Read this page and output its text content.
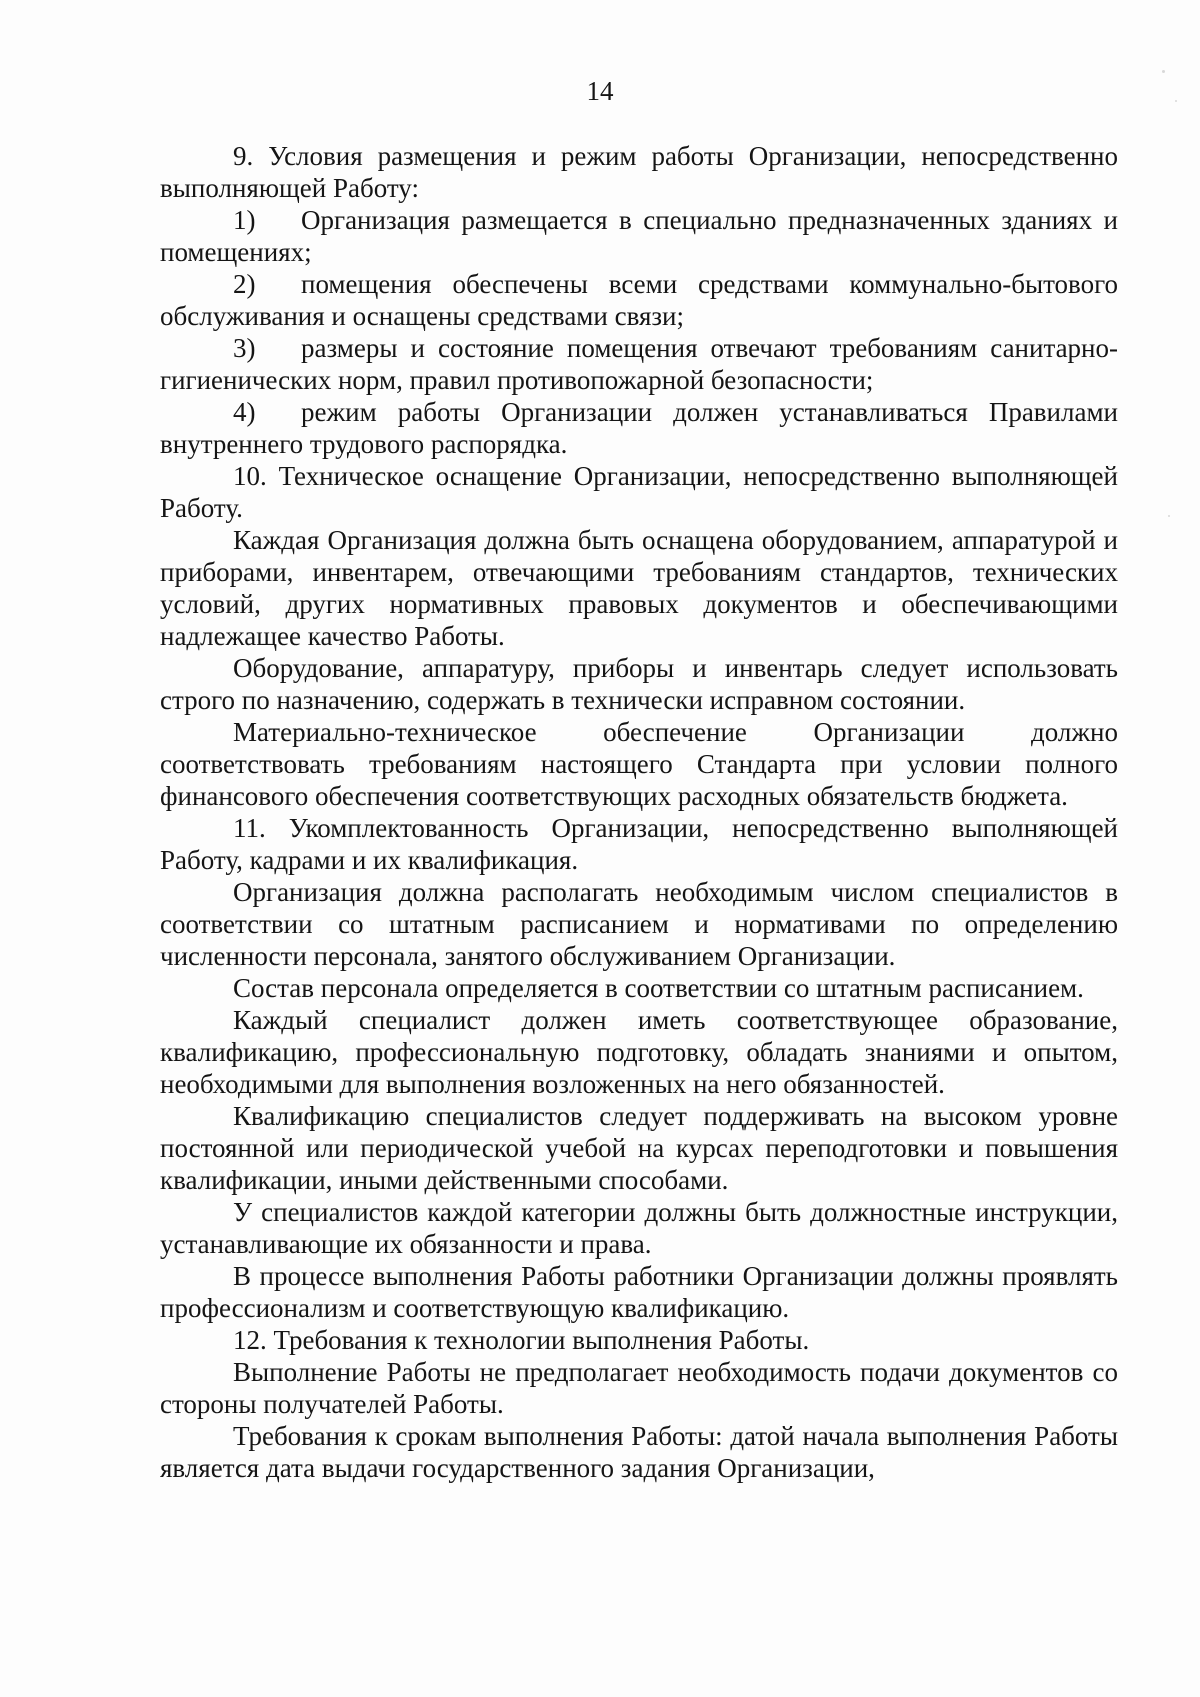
14

9. Условия размещения и режим работы Организации, непосредственно выполняющей Работу:

1) Организация размещается в специально предназначенных зданиях и помещениях;

2) помещения обеспечены всеми средствами коммунально-бытового обслуживания и оснащены средствами связи;

3) размеры и состояние помещения отвечают требованиям санитарно-гигиенических норм, правил противопожарной безопасности;

4) режим работы Организации должен устанавливаться Правилами внутреннего трудового распорядка.

10. Техническое оснащение Организации, непосредственно выполняющей Работу.

Каждая Организация должна быть оснащена оборудованием, аппаратурой и приборами, инвентарем, отвечающими требованиям стандартов, технических условий, других нормативных правовых документов и обеспечивающими надлежащее качество Работы.

Оборудование, аппаратуру, приборы и инвентарь следует использовать строго по назначению, содержать в технически исправном состоянии.

Материально-техническое обеспечение Организации должно соответствовать требованиям настоящего Стандарта при условии полного финансового обеспечения соответствующих расходных обязательств бюджета.

11. Укомплектованность Организации, непосредственно выполняющей Работу, кадрами и их квалификация.

Организация должна располагать необходимым числом специалистов в соответствии со штатным расписанием и нормативами по определению численности персонала, занятого обслуживанием Организации.

Состав персонала определяется в соответствии со штатным расписанием.

Каждый специалист должен иметь соответствующее образование, квалификацию, профессиональную подготовку, обладать знаниями и опытом, необходимыми для выполнения возложенных на него обязанностей.

Квалификацию специалистов следует поддерживать на высоком уровне постоянной или периодической учебой на курсах переподготовки и повышения квалификации, иными действенными способами.

У специалистов каждой категории должны быть должностные инструкции, устанавливающие их обязанности и права.

В процессе выполнения Работы работники Организации должны проявлять профессионализм и соответствующую квалификацию.

12. Требования к технологии выполнения Работы.

Выполнение Работы не предполагает необходимость подачи документов со стороны получателей Работы.

Требования к срокам выполнения Работы: датой начала выполнения Работы является дата выдачи государственного задания Организации,
